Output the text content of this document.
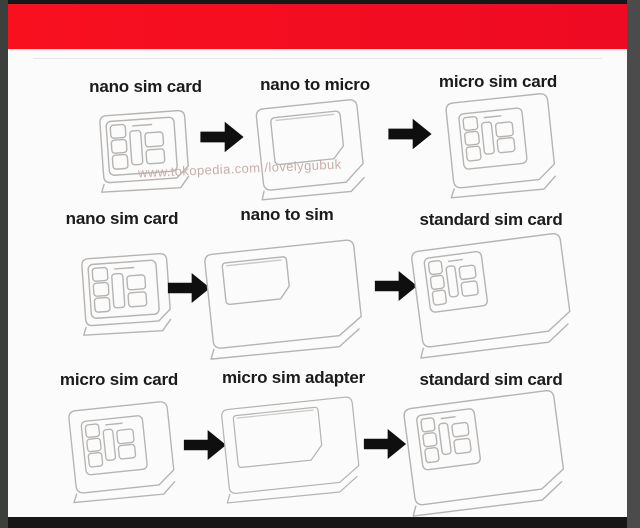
nano sim card	nano to micro	micro sim card
www.tokopedia.com /lovelygubuk
nano sim card	nano to sim	standard sim card
micro sim card	micro sim adapter	standard sim card
